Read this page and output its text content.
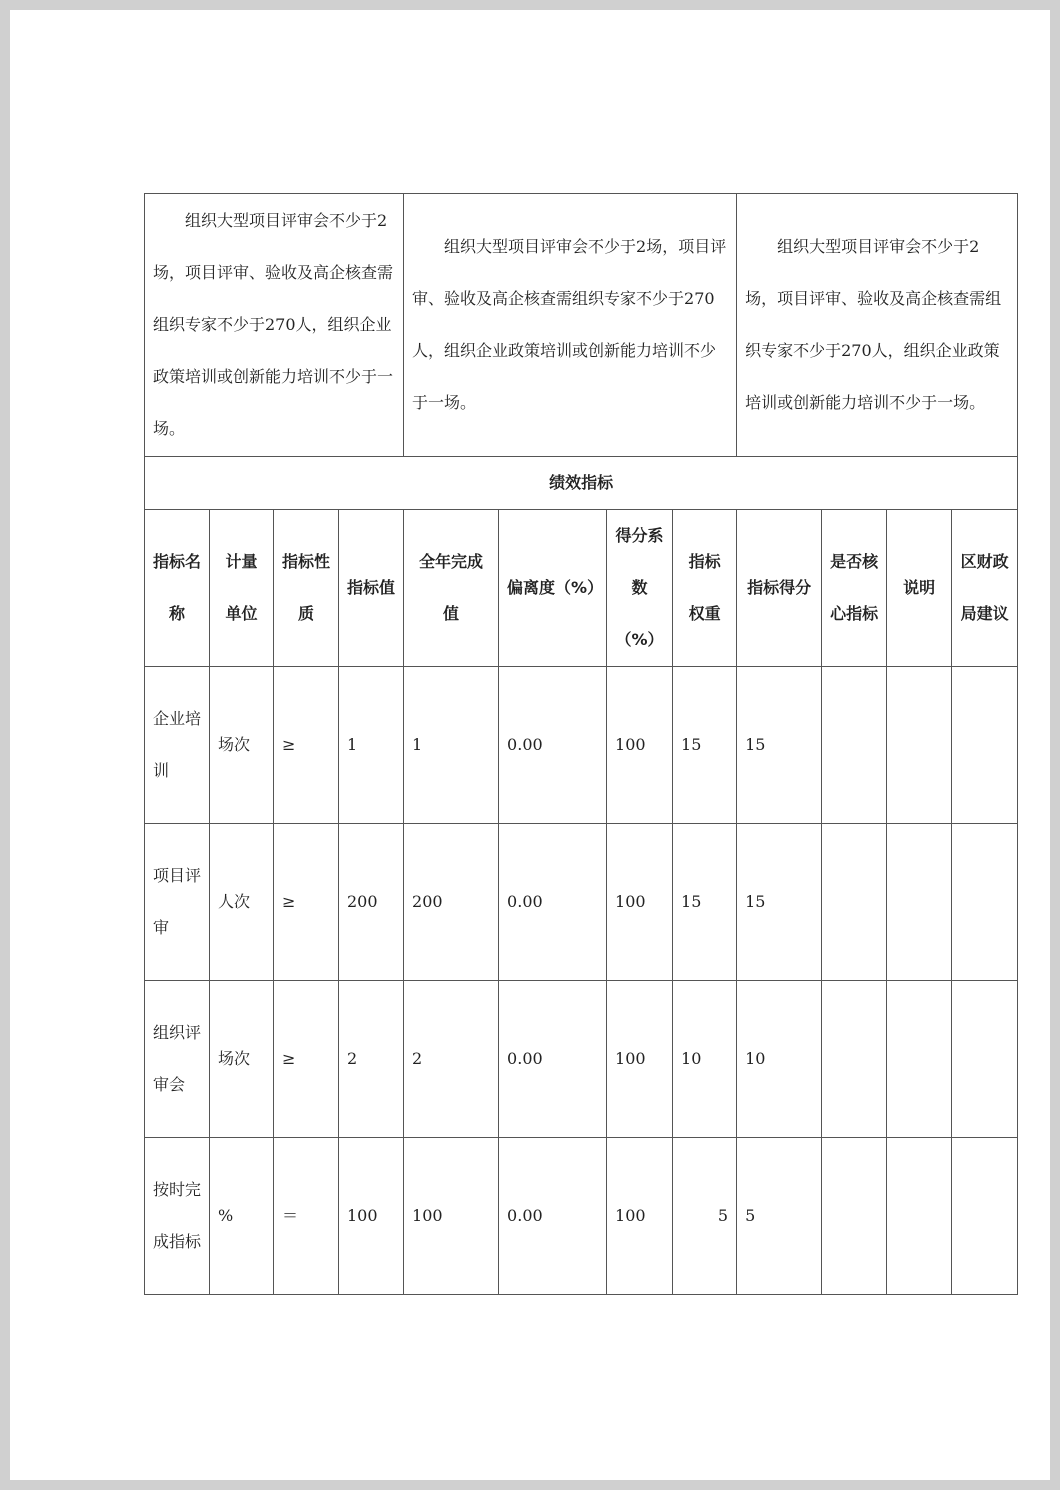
组织大型项目评审会不少于2场，项目评审、验收及高企核查需组织专家不少于270人，组织企业政策培训或创新能力培训不少于一场。				组织大型项目评审会不少于2场，项目评审、验收及高企核查需组织专家不少于270人，组织企业政策培训或创新能力培训不少于一场。				组织大型项目评审会不少于2场，项目评审、验收及高企核查需组织专家不少于270人，组织企业政策培训或创新能力培训不少于一场。			

绩效指标											
指标名称	计量单位	指标性质	指标值	全年完成值	偏离度（%）	得分系数（%）	指标权重	指标得分	是否核心指标	说明	区财政局建议
企业培训	场次	≥	1	1	0.00	100	15	15			
项目评审	人次	≥	200	200	0.00	100	15	15			
组织评审会	场次	≥	2	2	0.00	100	10	10			
按时完成指标	%	＝	100	100	0.00	100	5	5			
